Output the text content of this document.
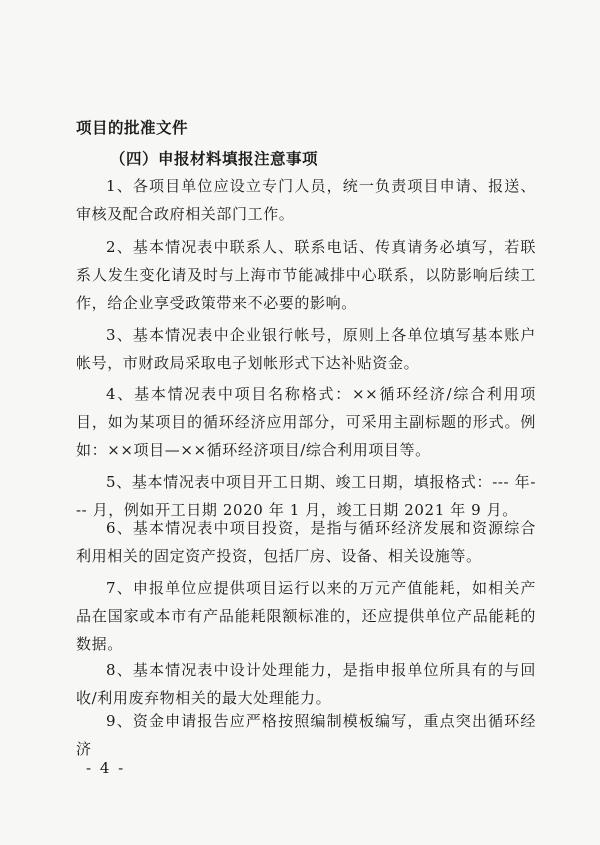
项目的批准文件
（四）申报材料填报注意事项
1、各项目单位应设立专门人员，统一负责项目申请、报送、审核及配合政府相关部门工作。
2、基本情况表中联系人、联系电话、传真请务必填写，若联系人发生变化请及时与上海市节能减排中心联系，以防影响后续工作，给企业享受政策带来不必要的影响。
3、基本情况表中企业银行帐号，原则上各单位填写基本账户帐号，市财政局采取电子划帐形式下达补贴资金。
4、基本情况表中项目名称格式：××循环经济/综合利用项目，如为某项目的循环经济应用部分，可采用主副标题的形式。例如：××项目—××循环经济项目/综合利用项目等。
5、基本情况表中项目开工日期、竣工日期，填报格式：--- 年--- 月，例如开工日期 2020 年 1 月，竣工日期 2021 年 9 月。
6、基本情况表中项目投资，是指与循环经济发展和资源综合利用相关的固定资产投资，包括厂房、设备、相关设施等。
7、申报单位应提供项目运行以来的万元产值能耗，如相关产品在国家或本市有产品能耗限额标准的，还应提供单位产品能耗的数据。
8、基本情况表中设计处理能力，是指申报单位所具有的与回收/利用废弃物相关的最大处理能力。
9、资金申请报告应严格按照编制模板编写，重点突出循环经济
- 4 -
